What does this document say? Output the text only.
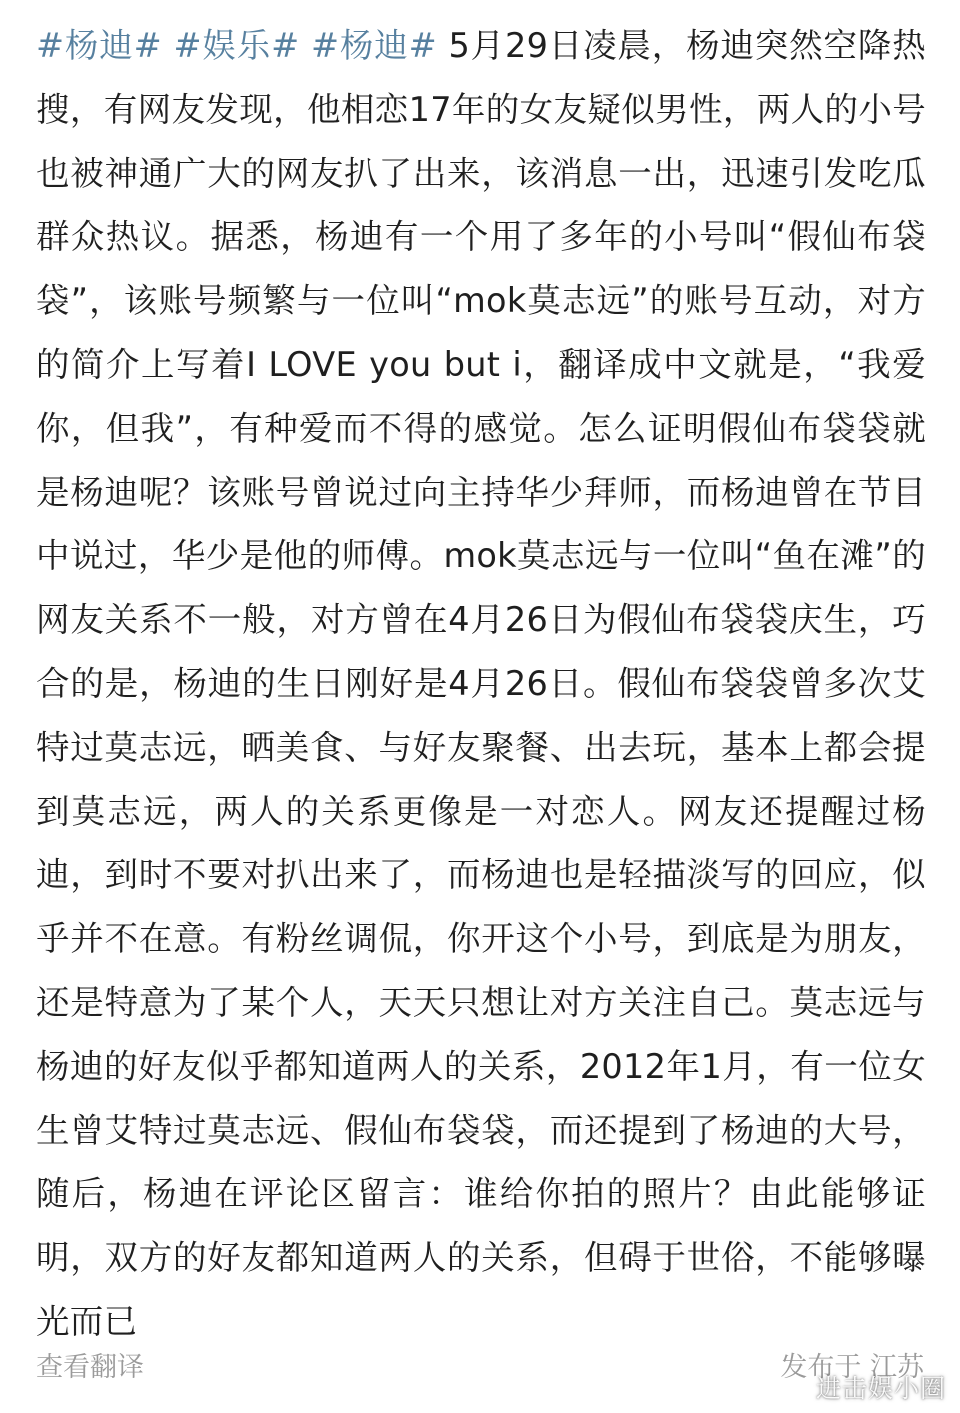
#杨迪# #娱乐# #杨迪# 5月29日凌晨，杨迪突然空降热搜，有网友发现，他相恋17年的女友疑似男性，两人的小号也被神通广大的网友扒了出来，该消息一出，迅速引发吃瓜群众热议。据悉，杨迪有一个用了多年的小号叫“假仙布袋袋”，该账号频繁与一位叫“mok莫志远”的账号互动，对方的简介上写着I LOVE you but i，翻译成中文就是，“我爱你，但我”，有种爱而不得的感觉。怎么证明假仙布袋袋就是杨迪呢？该账号曾说过向主持华少拜师，而杨迪曾在节目中说过，华少是他的师傅。mok莫志远与一位叫“鱼在滩”的网友关系不一般，对方曾在4月26日为假仙布袋袋庆生，巧合的是，杨迪的生日刚好是4月26日。假仙布袋袋曾多次艾特过莫志远，晒美食、与好友聚餐、出去玩，基本上都会提到莫志远，两人的关系更像是一对恋人。网友还提醒过杨迪，到时不要对扒出来了，而杨迪也是轻描淡写的回应，似乎并不在意。有粉丝调侃，你开这个小号，到底是为朋友，还是特意为了某个人，天天只想让对方关注自己。莫志远与杨迪的好友似乎都知道两人的关系，2012年1月，有一位女生曾艾特过莫志远、假仙布袋袋，而还提到了杨迪的大号，随后，杨迪在评论区留言：谁给你拍的照片？由此能够证明，双方的好友都知道两人的关系，但碍于世俗，不能够曝光而已

查看翻译	发布于 江苏
进击娱小圈
